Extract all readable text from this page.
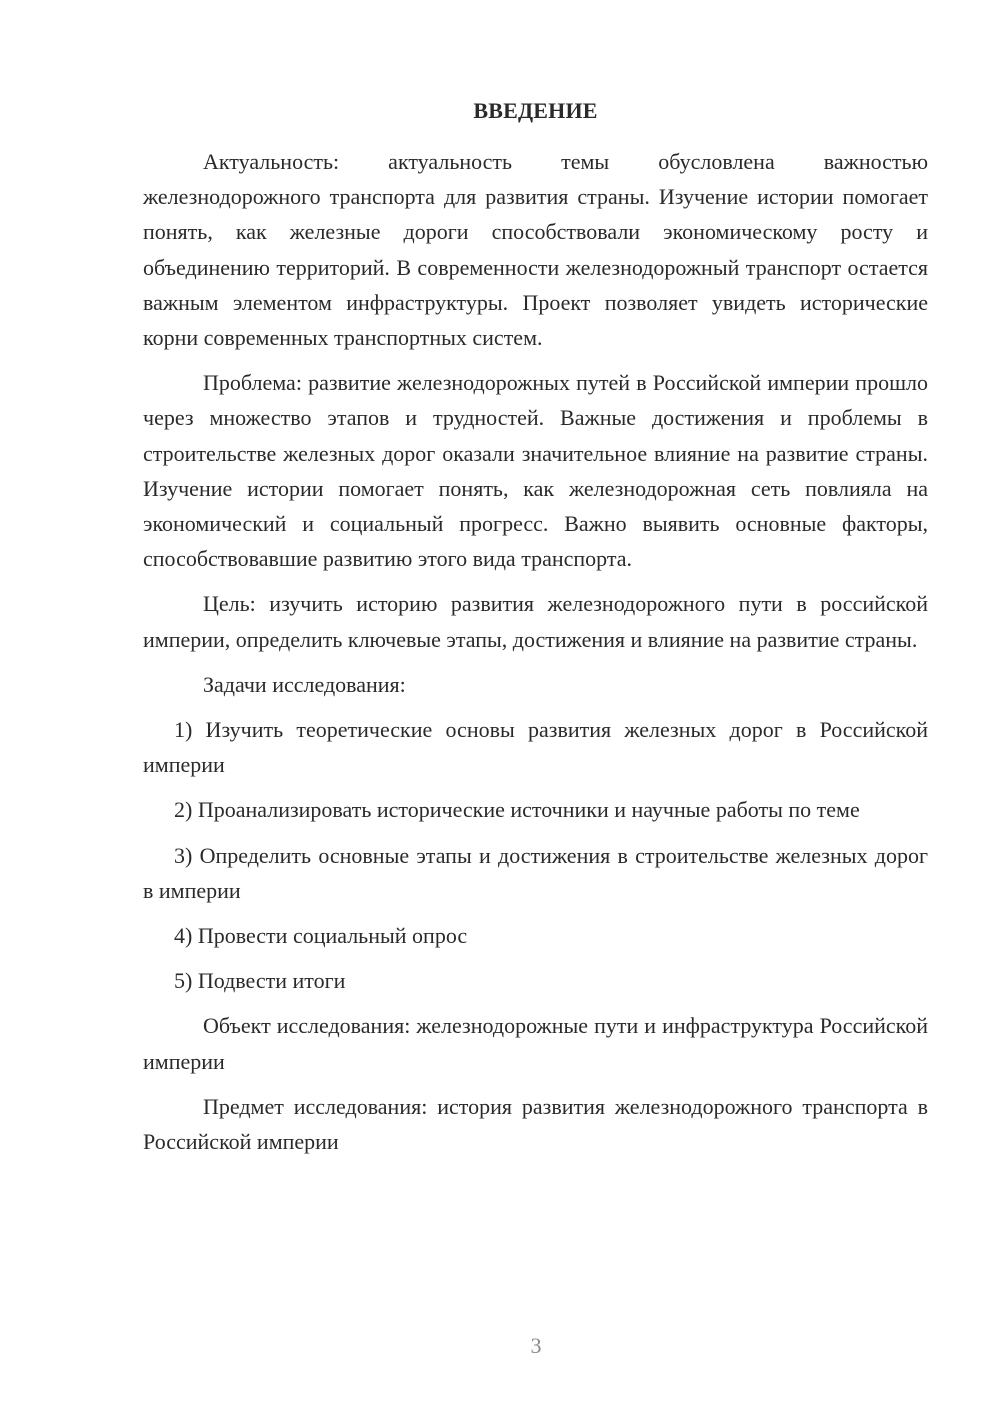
ВВЕДЕНИЕ

Актуальность: актуальность темы обусловлена важностью железнодорожного транспорта для развития страны. Изучение истории помогает понять, как железные дороги способствовали экономическому росту и объединению территорий. В современности железнодорожный транспорт остается важным элементом инфраструктуры. Проект позволяет увидеть исторические корни современных транспортных систем.

Проблема: развитие железнодорожных путей в Российской империи прошло через множество этапов и трудностей. Важные достижения и проблемы в строительстве железных дорог оказали значительное влияние на развитие страны. Изучение истории помогает понять, как железнодорожная сеть повлияла на экономический и социальный прогресс. Важно выявить основные факторы, способствовавшие развитию этого вида транспорта.

Цель: изучить историю развития железнодорожного пути в российской империи, определить ключевые этапы, достижения и влияние на развитие страны.

Задачи исследования:

1) Изучить теоретические основы развития железных дорог в Российской империи

2) Проанализировать исторические источники и научные работы по теме

3) Определить основные этапы и достижения в строительстве железных дорог в империи

4) Провести социальный опрос

5) Подвести итоги

Объект исследования: железнодорожные пути и инфраструктура Российской империи

Предмет исследования: история развития железнодорожного транспорта в Российской империи

3
